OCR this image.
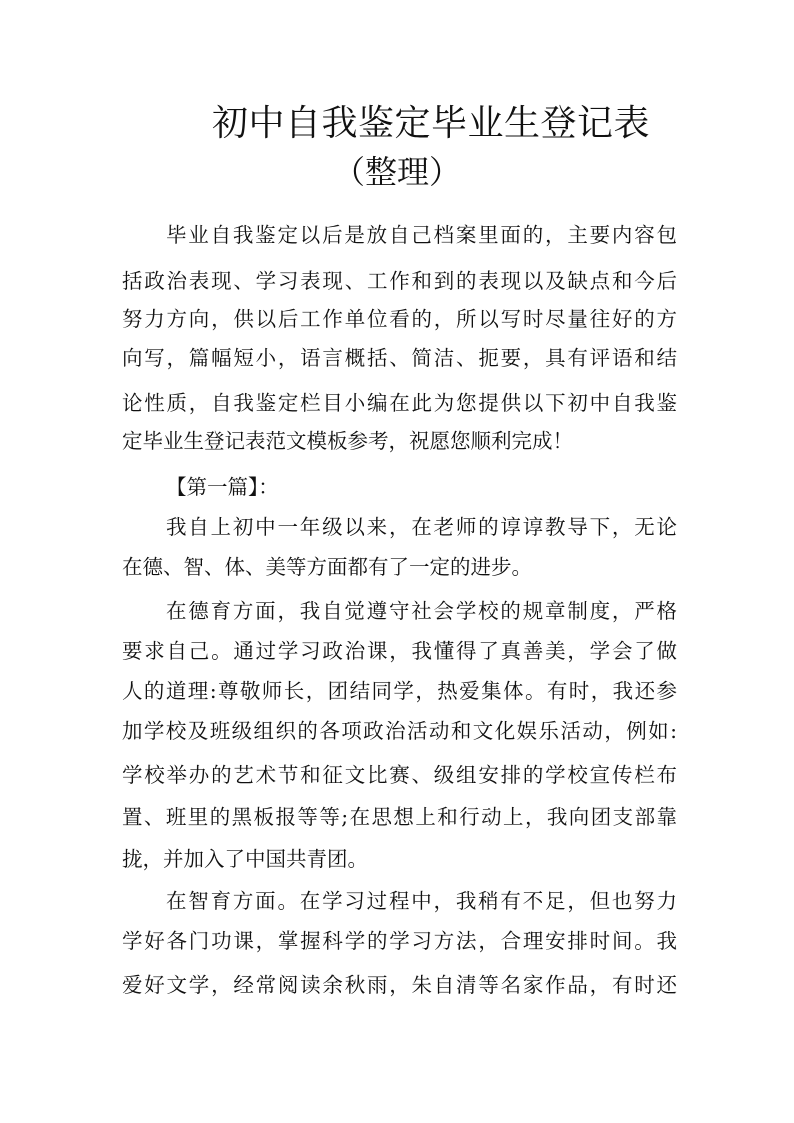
初中自我鉴定毕业生登记表
（整理）
毕业自我鉴定以后是放自己档案里面的，主要内容包
括政治表现、学习表现、工作和到的表现以及缺点和今后
努力方向，供以后工作单位看的，所以写时尽量往好的方
向写，篇幅短小，语言概括、简洁、扼要，具有评语和结
论性质，自我鉴定栏目小编在此为您提供以下初中自我鉴
定毕业生登记表范文模板参考，祝愿您顺利完成！
【第一篇】：
我自上初中一年级以来，在老师的谆谆教导下，无论
在德、智、体、美等方面都有了一定的进步。
在德育方面，我自觉遵守社会学校的规章制度，严格
要求自己。通过学习政治课，我懂得了真善美，学会了做
人的道理:尊敬师长，团结同学，热爱集体。有时，我还参
加学校及班级组织的各项政治活动和文化娱乐活动，例如:
学校举办的艺术节和征文比赛、级组安排的学校宣传栏布
置、班里的黑板报等等;在思想上和行动上，我向团支部靠
拢，并加入了中国共青团。
在智育方面。在学习过程中，我稍有不足，但也努力
学好各门功课，掌握科学的学习方法，合理安排时间。我
爱好文学，经常阅读余秋雨，朱自清等名家作品，有时还
